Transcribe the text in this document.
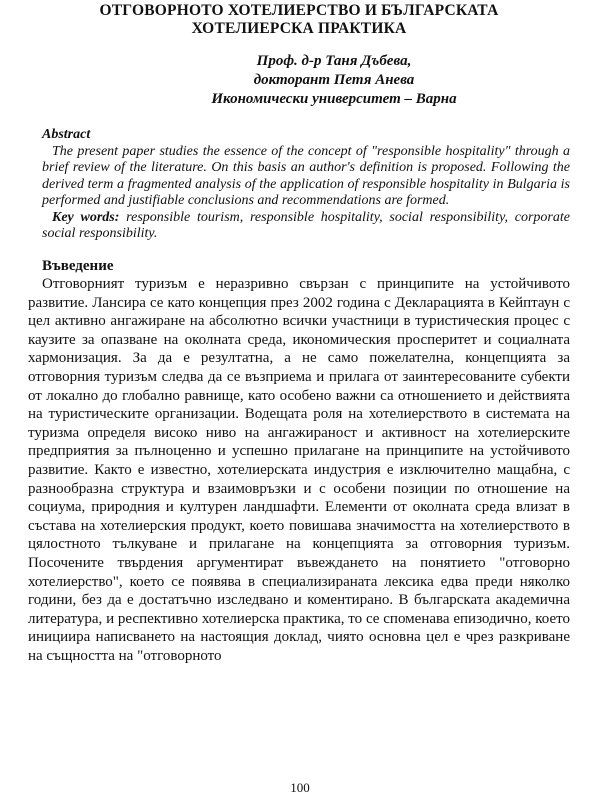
ОТГОВОРНОТО ХОТЕЛИЕРСТВО И БЪЛГАРСКАТА
ХОТЕЛИЕРСКА ПРАКТИКА
Проф. д-р Таня Дъбева,
докторант Петя Анева
Икономически университет – Варна
Abstract

The present paper studies the essence of the concept of "responsible hospitality" through a brief review of the literature. On this basis an author's definition is proposed. Following the derived term a fragmented analysis of the application of responsible hospitality in Bulgaria is performed and justifiable conclusions and recommendations are formed.

Key words: responsible tourism, responsible hospitality, social responsibility, corporate social responsibility.

Въведение

Отговорният туризъм е неразривно свързан с принципите на устойчивото развитие. Лансира се като концепция през 2002 година с Декларацията в Кейптаун с цел активно ангажиране на абсолютно всички участници в туристическия процес с каузите за опазване на околната среда, икономическия просперитет и социалната хармонизация. За да е резултатна, а не само пожелателна, концепцията за отговорния туризъм следва да се възприема и прилага от заинтересованите субекти от локално до глобално равнище, като особено важни са отношението и действията на туристическите организации. Водещата роля на хотелиерството в системата на туризма определя високо ниво на ангажираност и активност на хотелиерските предприятия за пълноценно и успешно прилагане на принципите на устойчивото развитие. Както е известно, хотелиерската индустрия е изключително мащабна, с разнообразна структура и взаимовръзки и с особени позиции по отношение на социума, природния и културен ландшафти. Елементи от околната среда влизат в състава на хотелиерския продукт, което повишава значимостта на хотелиерството в цялостното тълкуване и прилагане на концепцията за отговорния туризъм. Посочените твърдения аргументират въвеждането на понятието "отговорно хотелиерство", което се появява в специализираната лексика едва преди няколко години, без да е достатъчно изследвано и коментирано. В българската академична литература, и респективно хотелиерска практика, то се споменава епизодично, което инициира написването на настоящия доклад, чиято основна цел е чрез разкриване на същността на "отговорното

100
